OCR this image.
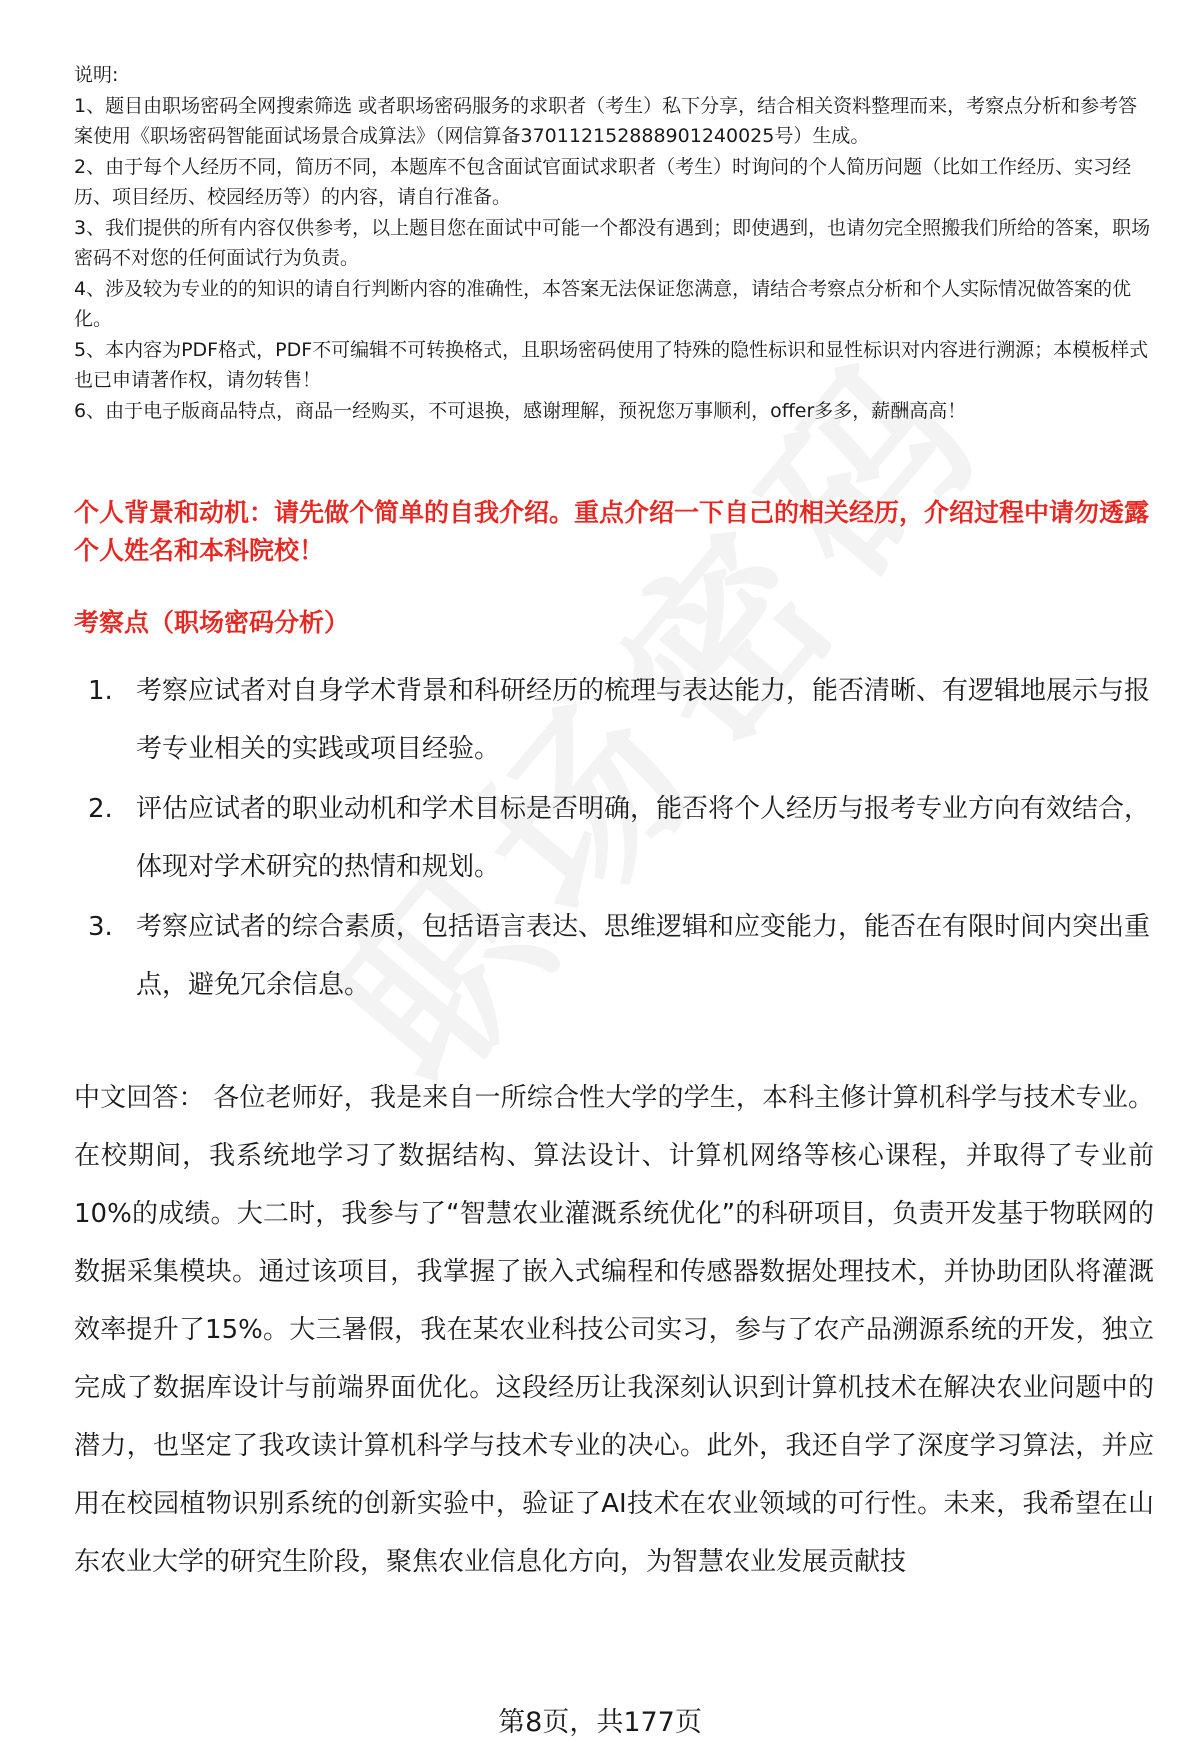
说明:

1、题目由职场密码全网搜索筛选 或者职场密码服务的求职者（考生）私下分享，结合相关资料整理而来，考察点分析和参考答案使用《职场密码智能面试场景合成算法》（网信算备370112152888901240025号）生成。

2、由于每个人经历不同，简历不同，本题库不包含面试官面试求职者（考生）时询问的个人简历问题（比如工作经历、实习经历、项目经历、校园经历等）的内容，请自行准备。

3、我们提供的所有内容仅供参考，以上题目您在面试中可能一个都没有遇到；即使遇到，也请勿完全照搬我们所给的答案，职场密码不对您的任何面试行为负责。

4、涉及较为专业的的知识的请自行判断内容的准确性，本答案无法保证您满意，请结合考察点分析和个人实际情况做答案的优化。

5、本内容为PDF格式，PDF不可编辑不可转换格式，且职场密码使用了特殊的隐性标识和显性标识对内容进行溯源；本模板样式也已申请著作权，请勿转售！

6、由于电子版商品特点，商品一经购买，不可退换，感谢理解，预祝您万事顺利，offer多多，薪酬高高！

个人背景和动机：请先做个简单的自我介绍。重点介绍一下自己的相关经历，介绍过程中请勿透露个人姓名和本科院校！
考察点（职场密码分析）
1. 考察应试者对自身学术背景和科研经历的梳理与表达能力，能否清晰、有逻辑地展示与报考专业相关的实践或项目经验。
2. 评估应试者的职业动机和学术目标是否明确，能否将个人经历与报考专业方向有效结合，体现对学术研究的热情和规划。
3. 考察应试者的综合素质，包括语言表达、思维逻辑和应变能力，能否在有限时间内突出重点，避免冗余信息。

中文回答： 各位老师好，我是来自一所综合性大学的学生，本科主修计算机科学与技术专业。在校期间，我系统地学习了数据结构、算法设计、计算机网络等核心课程，并取得了专业前10%的成绩。大二时，我参与了“智慧农业灌溉系统优化”的科研项目，负责开发基于物联网的数据采集模块。通过该项目，我掌握了嵌入式编程和传感器数据处理技术，并协助团队将灌溉效率提升了15%。大三暑假，我在某农业科技公司实习，参与了农产品溯源系统的开发，独立完成了数据库设计与前端界面优化。这段经历让我深刻认识到计算机技术在解决农业问题中的潜力，也坚定了我攻读计算机科学与技术专业的决心。此外，我还自学了深度学习算法，并应用在校园植物识别系统的创新实验中，验证了AI技术在农业领域的可行性。未来，我希望在山东农业大学的研究生阶段，聚焦农业信息化方向，为智慧农业发展贡献技

第8页，共177页
